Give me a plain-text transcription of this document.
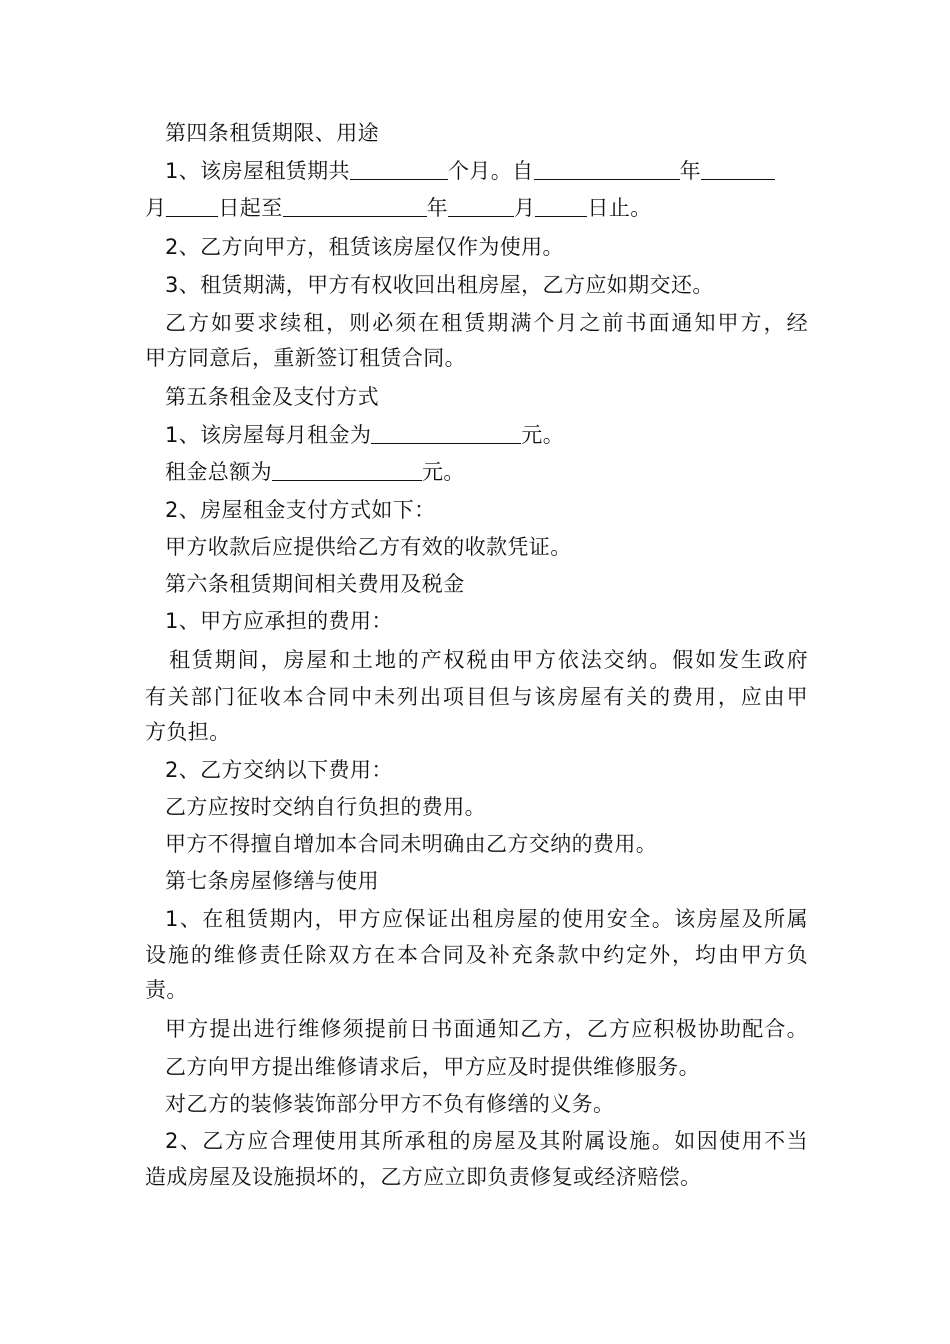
第四条租赁期限、用途
1、该房屋租赁期共	个月。自	年
月 日起至	年	月 日止。
2、乙方向甲方，租赁该房屋仅作为使用。
3、租赁期满，甲方有权收回出租房屋，乙方应如期交还。
乙方如要求续租，则必须在租赁期满个月之前书面通知甲方，经
甲方同意后，重新签订租赁合同。
第五条租金及支付方式
1、该房屋每月租金为	元。
租金总额为	元。
2、房屋租金支付方式如下：
甲方收款后应提供给乙方有效的收款凭证。
第六条租赁期间相关费用及税金
1、甲方应承担的费用：
租赁期间，房屋和土地的产权税由甲方依法交纳。假如发生政府
有关部门征收本合同中未列出项目但与该房屋有关的费用，应由甲
方负担。
2、乙方交纳以下费用：
乙方应按时交纳自行负担的费用。
甲方不得擅自增加本合同未明确由乙方交纳的费用。
第七条房屋修缮与使用
1、在租赁期内，甲方应保证出租房屋的使用安全。该房屋及所属
设施的维修责任除双方在本合同及补充条款中约定外，均由甲方负
责。
甲方提出进行维修须提前日书面通知乙方，乙方应积极协助配合。
乙方向甲方提出维修请求后，甲方应及时提供维修服务。
对乙方的装修装饰部分甲方不负有修缮的义务。
2、乙方应合理使用其所承租的房屋及其附属设施。如因使用不当
造成房屋及设施损坏的，乙方应立即负责修复或经济赔偿。
